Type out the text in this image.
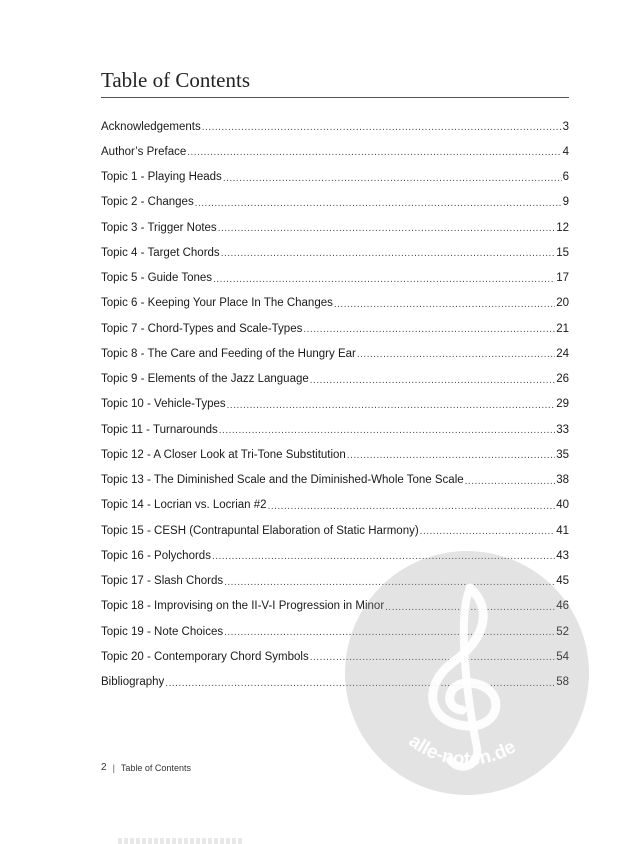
Table of Contents
Acknowledgements .....	3
Author’s Preface .....	4
Topic 1 - Playing Heads .....	6
Topic 2 - Changes .....	9
Topic 3 - Trigger Notes .....	12
Topic 4 - Target Chords .....	15
Topic 5 - Guide Tones .....	17
Topic 6 - Keeping Your Place In The Changes .....	20
Topic 7 - Chord-Types and Scale-Types .....	21
Topic 8 - The Care and Feeding of the Hungry Ear .....	24
Topic 9 - Elements of the Jazz Language .....	26
Topic 10 - Vehicle-Types .....	29
Topic 11 - Turnarounds .....	33
Topic 12 - A Closer Look at Tri-Tone Substitution .....	35
Topic 13 - The Diminished Scale and the Diminished-Whole Tone Scale .....	38
Topic 14 - Locrian vs. Locrian #2 .....	40
Topic 15 - CESH (Contrapuntal Elaboration of Static Harmony) .....	41
Topic 16 - Polychords .....	43
Topic 17 - Slash Chords .....	45
Topic 18 - Improvising on the II-V-I Progression in Minor .....	46
Topic 19 - Note Choices .....	52
Topic 20 - Contemporary Chord Symbols .....	54
Bibliography .....	58
2 | Table of Contents
alle-noten.de
